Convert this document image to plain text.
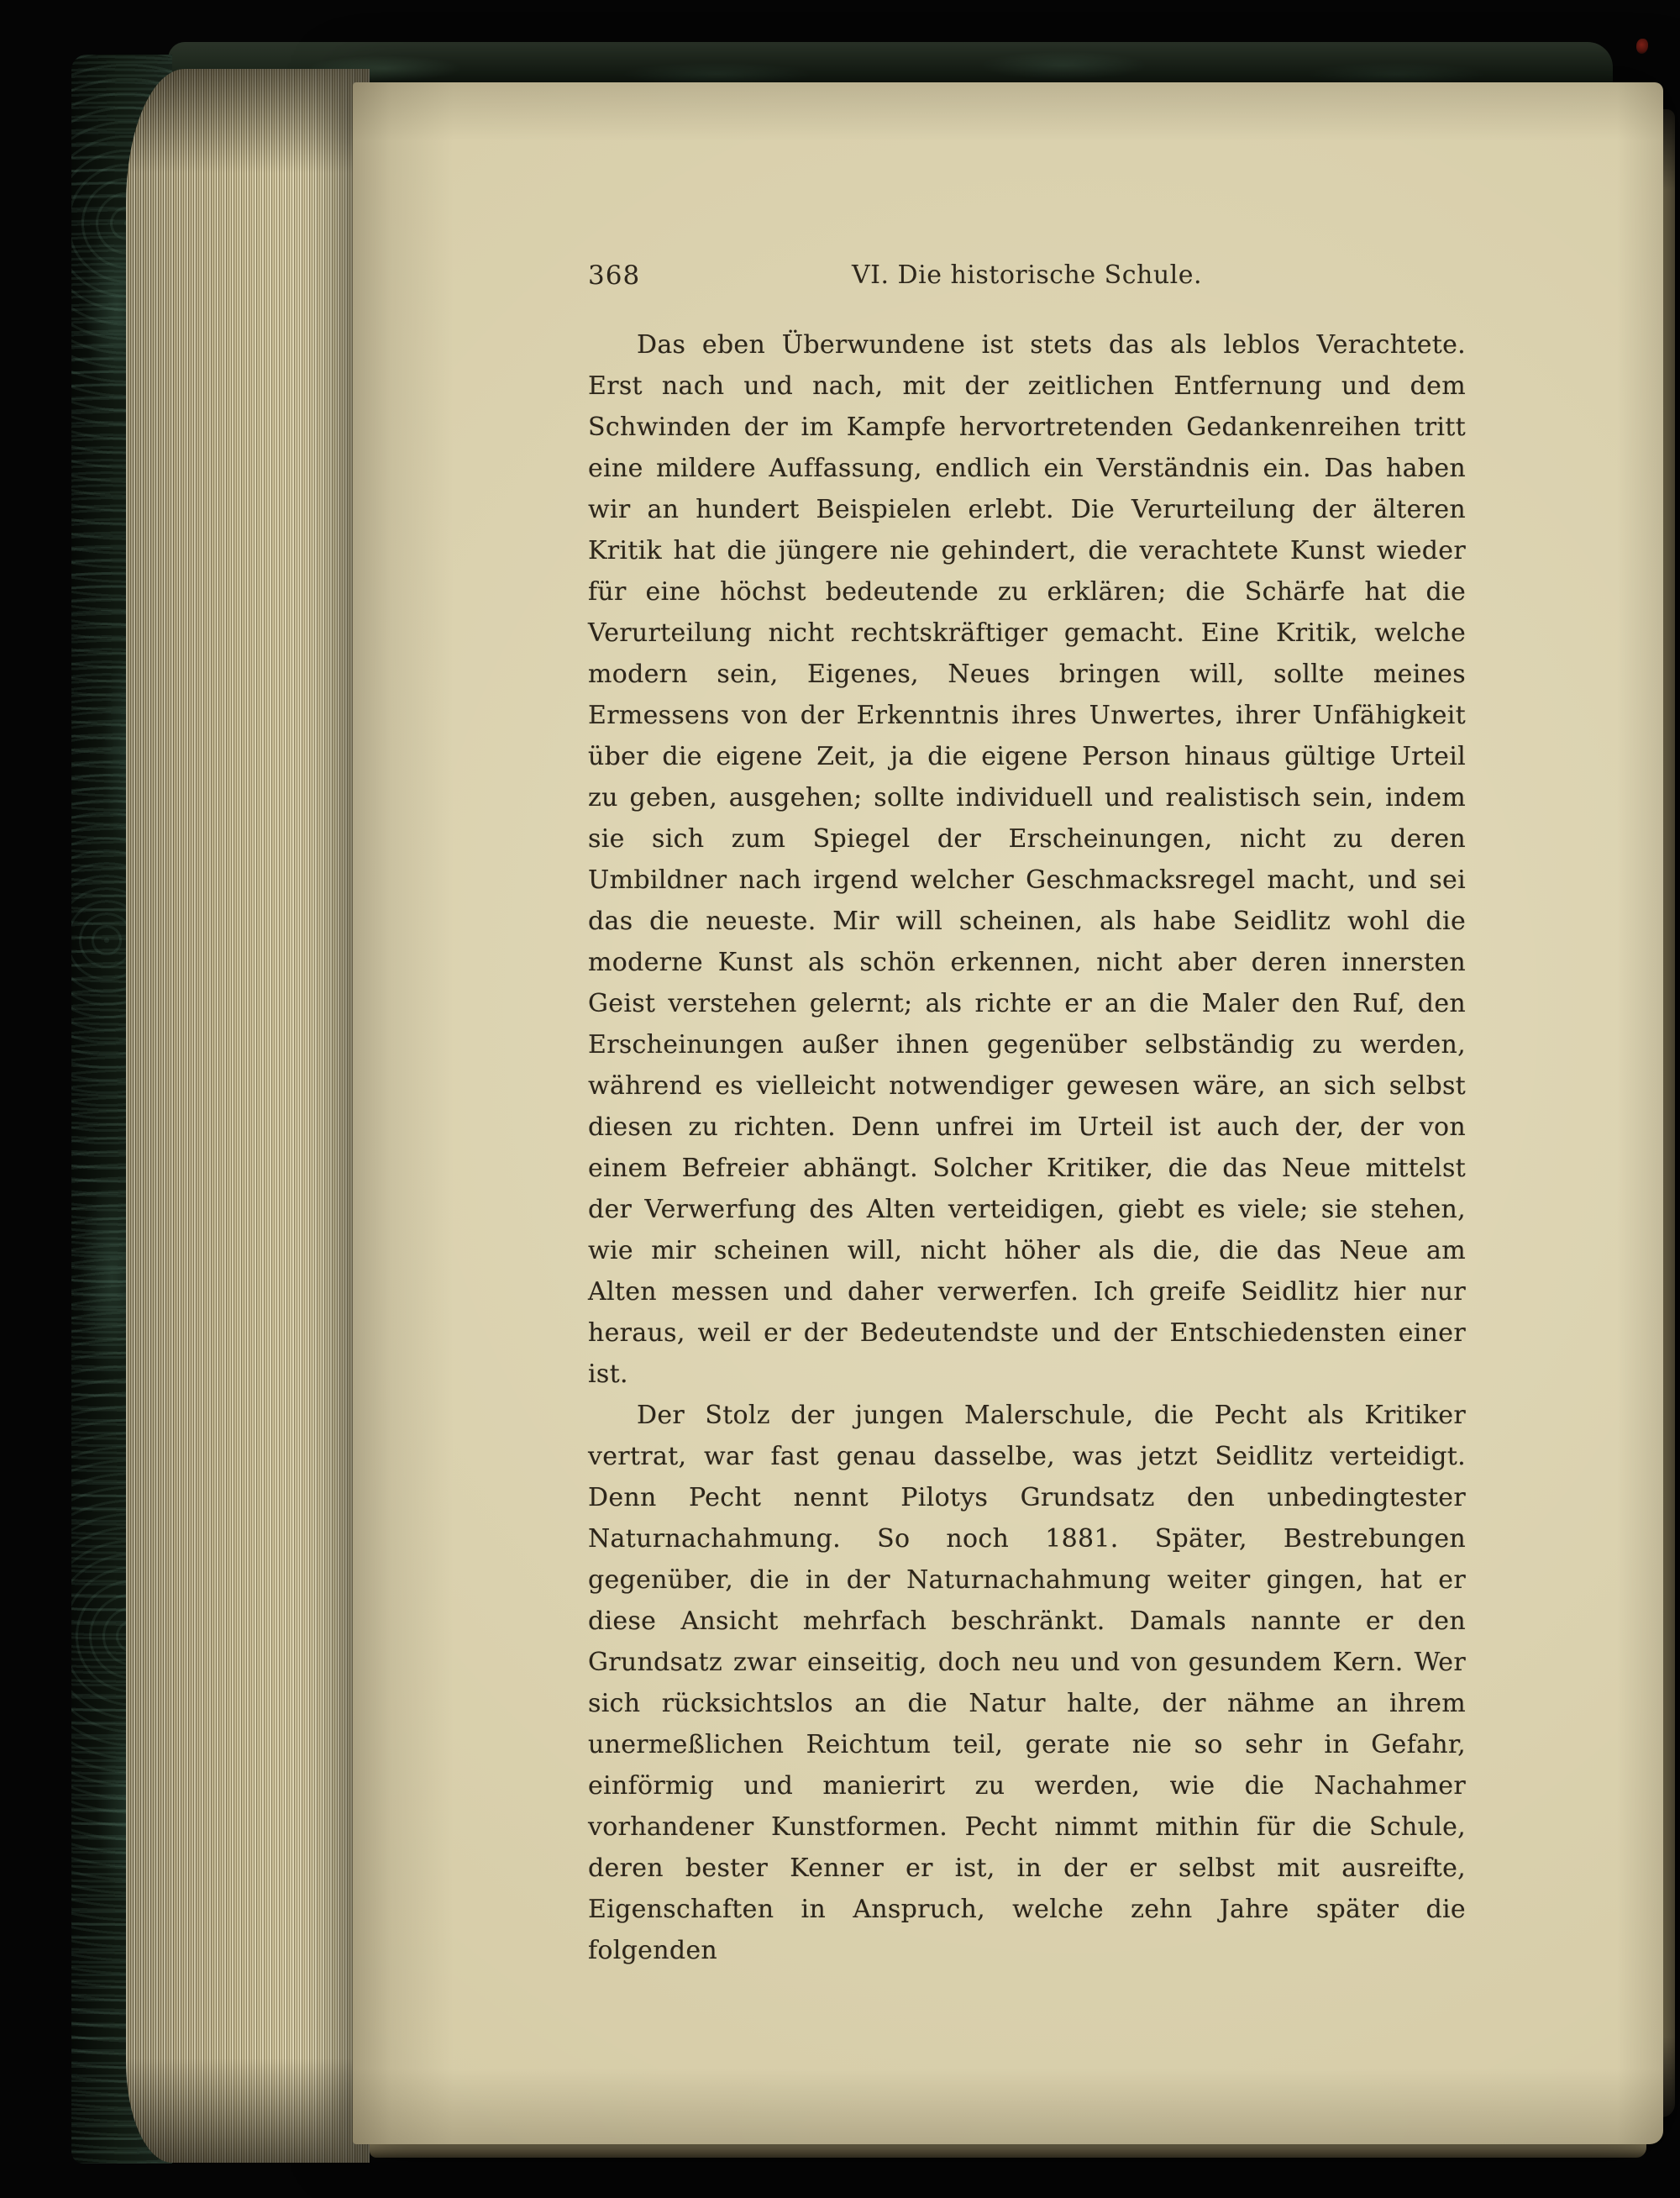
368	VI. Die historische Schule.

Das eben Überwundene ist stets das als leblos Verachtete. Erst nach und nach, mit der zeitlichen Entfernung und dem Schwinden der im Kampfe hervortretenden Gedankenreihen tritt eine mildere Auffassung, endlich ein Verständnis ein. Das haben wir an hundert Beispielen erlebt. Die Verurteilung der älteren Kritik hat die jüngere nie gehindert, die verachtete Kunst wieder für eine höchst bedeutende zu erklären; die Schärfe hat die Verurteilung nicht rechtskräftiger gemacht. Eine Kritik, welche modern sein, Eigenes, Neues bringen will, sollte meines Ermessens von der Erkenntnis ihres Unwertes, ihrer Unfähigkeit über die eigene Zeit, ja die eigene Person hinaus gültige Urteil zu geben, ausgehen; sollte individuell und realistisch sein, indem sie sich zum Spiegel der Erscheinungen, nicht zu deren Umbildner nach irgend welcher Geschmacksregel macht, und sei das die neueste. Mir will scheinen, als habe Seidlitz wohl die moderne Kunst als schön erkennen, nicht aber deren innersten Geist verstehen gelernt; als richte er an die Maler den Ruf, den Erscheinungen außer ihnen gegenüber selbständig zu werden, während es vielleicht notwendiger gewesen wäre, an sich selbst diesen zu richten. Denn unfrei im Urteil ist auch der, der von einem Befreier abhängt. Solcher Kritiker, die das Neue mittelst der Verwerfung des Alten verteidigen, giebt es viele; sie stehen, wie mir scheinen will, nicht höher als die, die das Neue am Alten messen und daher verwerfen. Ich greife Seidlitz hier nur heraus, weil er der Bedeutendste und der Entschiedensten einer ist.

Der Stolz der jungen Malerschule, die Pecht als Kritiker vertrat, war fast genau dasselbe, was jetzt Seidlitz verteidigt. Denn Pecht nennt Pilotys Grundsatz den unbedingtester Naturnachahmung. So noch 1881. Später, Bestrebungen gegenüber, die in der Naturnachahmung weiter gingen, hat er diese Ansicht mehrfach beschränkt. Damals nannte er den Grundsatz zwar einseitig, doch neu und von gesundem Kern. Wer sich rücksichtslos an die Natur halte, der nähme an ihrem unermeßlichen Reichtum teil, gerate nie so sehr in Gefahr, einförmig und manierirt zu werden, wie die Nachahmer vorhandener Kunstformen. Pecht nimmt mithin für die Schule, deren bester Kenner er ist, in der er selbst mit ausreifte, Eigenschaften in Anspruch, welche zehn Jahre später die folgenden
